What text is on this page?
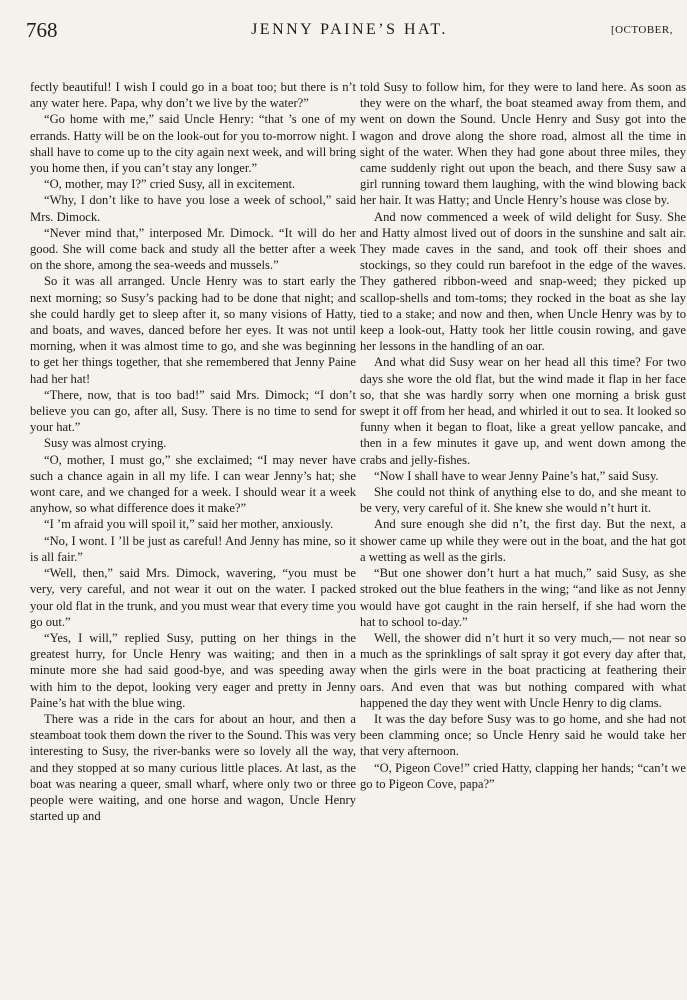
768	JENNY PAINE’S HAT.	[OCTOBER,

fectly beautiful! I wish I could go in a boat too; but there is n’t any water here. Papa, why don’t we live by the water?”

“Go home with me,” said Uncle Henry: “that ’s one of my errands. Hatty will be on the look-out for you to-morrow night. I shall have to come up to the city again next week, and will bring you home then, if you can’t stay any longer.”

“O, mother, may I?” cried Susy, all in excitement.

“Why, I don’t like to have you lose a week of school,” said Mrs. Dimock.

“Never mind that,” interposed Mr. Dimock. “It will do her good. She will come back and study all the better after a week on the shore, among the sea-weeds and mussels.”

So it was all arranged. Uncle Henry was to start early the next morning; so Susy’s packing had to be done that night; and she could hardly get to sleep after it, so many visions of Hatty, and boats, and waves, danced before her eyes. It was not until morning, when it was almost time to go, and she was beginning to get her things together, that she remembered that Jenny Paine had her hat!

“There, now, that is too bad!” said Mrs. Dimock; “I don’t believe you can go, after all, Susy. There is no time to send for your hat.”

Susy was almost crying.

“O, mother, I must go,” she exclaimed; “I may never have such a chance again in all my life. I can wear Jenny’s hat; she wont care, and we changed for a week. I should wear it a week anyhow, so what difference does it make?”

“I ’m afraid you will spoil it,” said her mother, anxiously.

“No, I wont. I ’ll be just as careful! And Jenny has mine, so it is all fair.”

“Well, then,” said Mrs. Dimock, wavering, “you must be very, very careful, and not wear it out on the water. I packed your old flat in the trunk, and you must wear that every time you go out.”

“Yes, I will,” replied Susy, putting on her things in the greatest hurry, for Uncle Henry was waiting; and then in a minute more she had said good-bye, and was speeding away with him to the depot, looking very eager and pretty in Jenny Paine’s hat with the blue wing.

There was a ride in the cars for about an hour, and then a steamboat took them down the river to the Sound. This was very interesting to Susy, the river-banks were so lovely all the way, and they stopped at so many curious little places. At last, as the boat was nearing a queer, small wharf, where only two or three people were waiting, and one horse and wagon, Uncle Henry started up and

told Susy to follow him, for they were to land here. As soon as they were on the wharf, the boat steamed away from them, and went on down the Sound. Uncle Henry and Susy got into the wagon and drove along the shore road, almost all the time in sight of the water. When they had gone about three miles, they came suddenly right out upon the beach, and there Susy saw a girl running toward them laughing, with the wind blowing back her hair. It was Hatty; and Uncle Henry’s house was close by.

And now commenced a week of wild delight for Susy. She and Hatty almost lived out of doors in the sunshine and salt air. They made caves in the sand, and took off their shoes and stockings, so they could run barefoot in the edge of the waves. They gathered ribbon-weed and snap-weed; they picked up scallop-shells and tom-toms; they rocked in the boat as she lay tied to a stake; and now and then, when Uncle Henry was by to keep a look-out, Hatty took her little cousin rowing, and gave her lessons in the handling of an oar.

And what did Susy wear on her head all this time? For two days she wore the old flat, but the wind made it flap in her face so, that she was hardly sorry when one morning a brisk gust swept it off from her head, and whirled it out to sea. It looked so funny when it began to float, like a great yellow pancake, and then in a few minutes it gave up, and went down among the crabs and jelly-fishes.

“Now I shall have to wear Jenny Paine’s hat,” said Susy.

She could not think of anything else to do, and she meant to be very, very careful of it. She knew she would n’t hurt it.

And sure enough she did n’t, the first day. But the next, a shower came up while they were out in the boat, and the hat got a wetting as well as the girls.

“But one shower don’t hurt a hat much,” said Susy, as she stroked out the blue feathers in the wing; “and like as not Jenny would have got caught in the rain herself, if she had worn the hat to school to-day.”

Well, the shower did n’t hurt it so very much,— not near so much as the sprinklings of salt spray it got every day after that, when the girls were in the boat practicing at feathering their oars. And even that was but nothing compared with what happened the day they went with Uncle Henry to dig clams.

It was the day before Susy was to go home, and she had not been clamming once; so Uncle Henry said he would take her that very afternoon.

“O, Pigeon Cove!” cried Hatty, clapping her hands; “can’t we go to Pigeon Cove, papa?”
